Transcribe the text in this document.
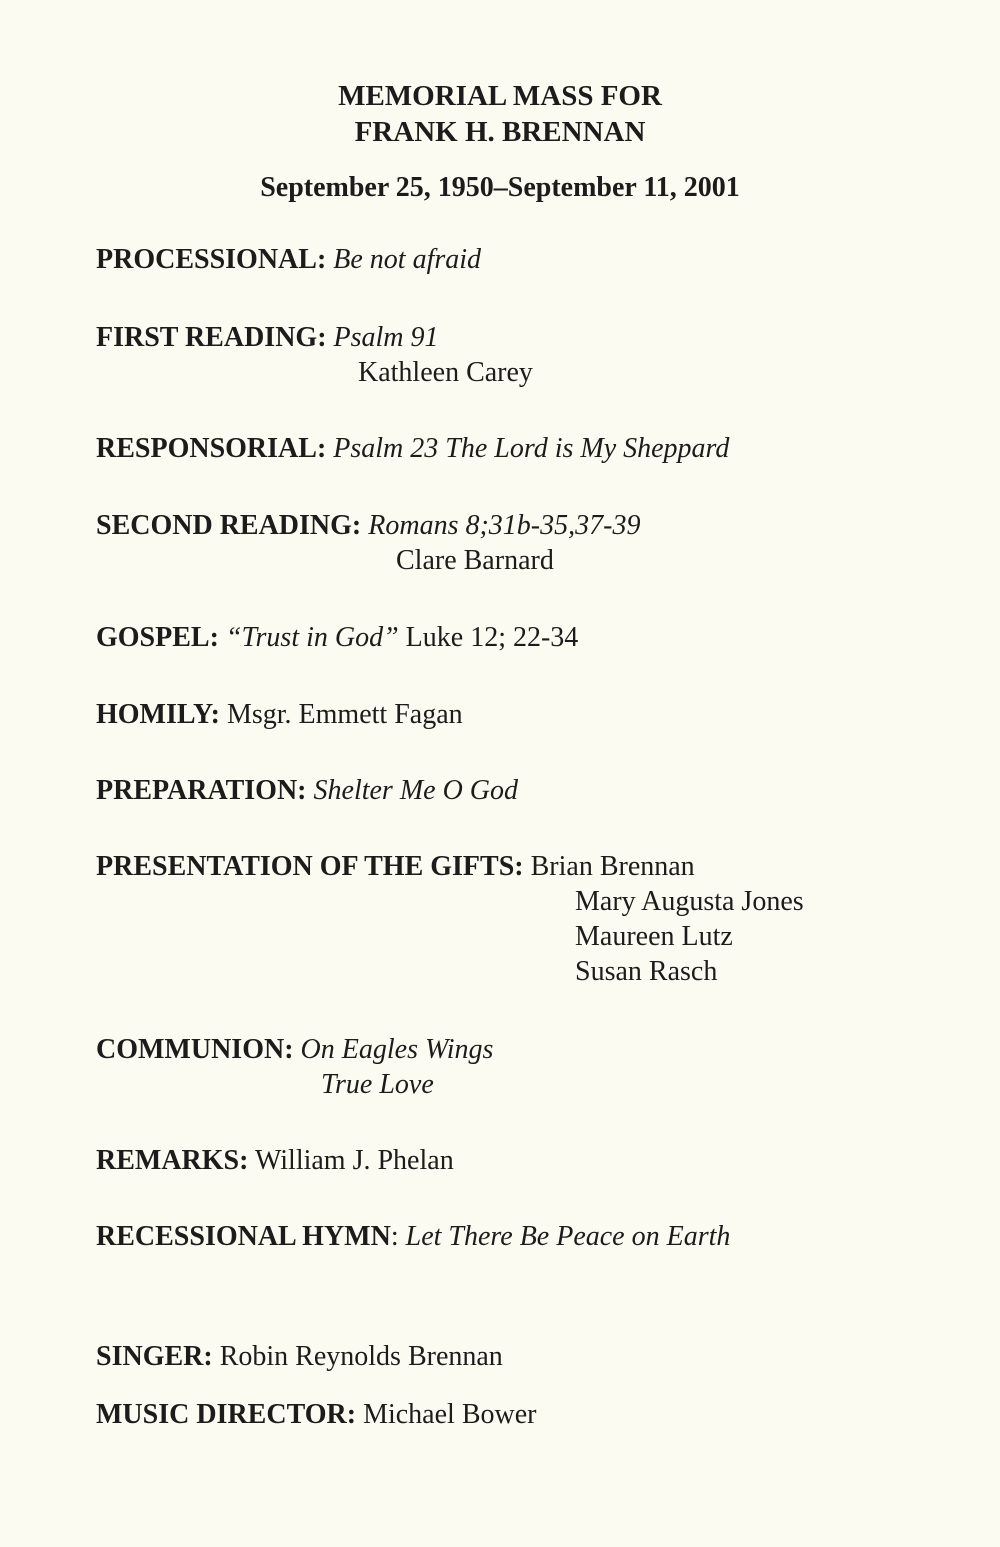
MEMORIAL MASS FOR
FRANK H. BRENNAN
September 25, 1950–September 11, 2001
PROCESSIONAL: Be not afraid
FIRST READING: Psalm 91
Kathleen Carey
RESPONSORIAL: Psalm 23 The Lord is My Sheppard
SECOND READING: Romans 8;31b-35,37-39
Clare Barnard
GOSPEL: “Trust in God” Luke 12; 22-34
HOMILY: Msgr. Emmett Fagan
PREPARATION: Shelter Me O God
PRESENTATION OF THE GIFTS: Brian Brennan
Mary Augusta Jones
Maureen Lutz
Susan Rasch
COMMUNION: On Eagles Wings
True Love
REMARKS: William J. Phelan
RECESSIONAL HYMN: Let There Be Peace on Earth
SINGER: Robin Reynolds Brennan
MUSIC DIRECTOR: Michael Bower
